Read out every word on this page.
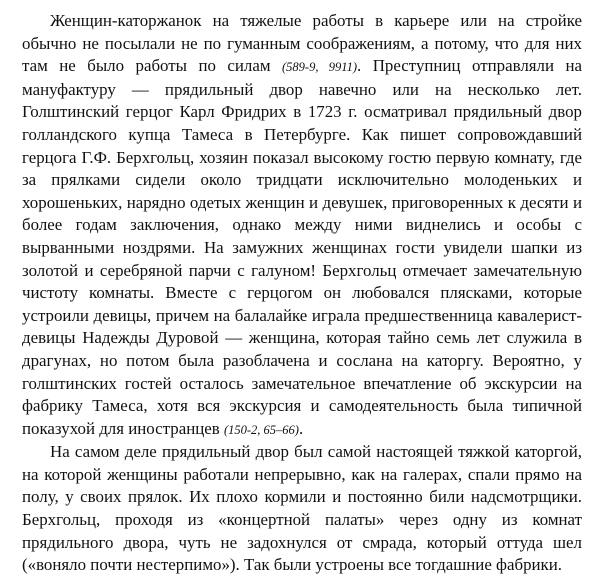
Женщин-каторжанок на тяжелые работы в карьере или на стройке обычно не посылали не по гуманным соображениям, а потому, что для них там не было работы по силам (589-9, 9911). Преступниц отправляли на мануфактуру — прядильный двор навечно или на несколько лет. Голштинский герцог Карл Фридрих в 1723 г. осматривал прядильный двор голландского купца Тамеса в Петербурге. Как пишет сопровождавший герцога Г.Ф. Берхгольц, хозяин показал высокому гостю первую комнату, где за прялками сидели около тридцати исключительно молоденьких и хорошеньких, нарядно одетых женщин и девушек, приговоренных к десяти и более годам заключения, однако между ними виднелись и особы с вырванными ноздрями. На замужних женщинах гости увидели шапки из золотой и серебряной парчи с галуном! Берхгольц отмечает замечательную чистоту комнаты. Вместе с герцогом он любовался плясками, которые устроили девицы, причем на балалайке играла предшественница кавалерист-девицы Надежды Дуровой — женщина, которая тайно семь лет служила в драгунах, но потом была разоблачена и сослана на каторгу. Вероятно, у голштинских гостей осталось замечательное впечатление об экскурсии на фабрику Тамеса, хотя вся экскурсия и самодеятельность была типичной показухой для иностранцев (150-2, 65–66).

На самом деле прядильный двор был самой настоящей тяжкой каторгой, на которой женщины работали непрерывно, как на галерах, спали прямо на полу, у своих прялок. Их плохо кормили и постоянно били надсмотрщики. Берхгольц, проходя из «концертной палаты» через одну из комнат прядильного двора, чуть не задохнулся от смрада, который оттуда шел («воняло почти нестерпимо»). Так были устроены все тогдашние фабрики.
